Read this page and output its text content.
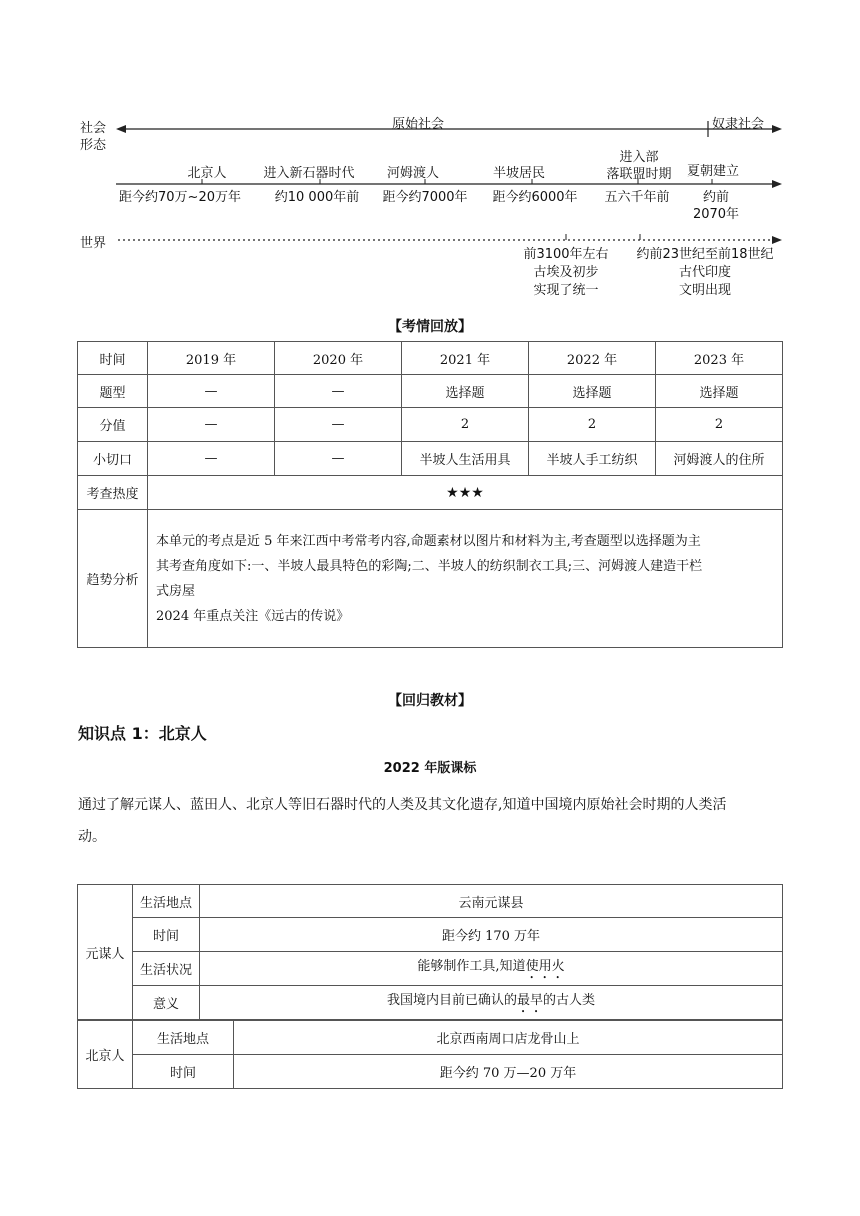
社会
形态
原始社会	奴隶社会
北京人
距今约70万~20万年
进入新石器时代
约10 000年前
河姆渡人
距今约7000年
半坡居民
距今约6000年
进入部
落联盟时期
五六千年前
夏朝建立
约前
2070年
世界
前3100年左右
古埃及初步
实现了统一
约前23世纪至前18世纪
古代印度
文明出现
【考情回放】
时间	2019 年	2020 年	2021 年	2022 年	2023 年
题型	—	—	选择题	选择题	选择题
分值	—	—	2	2	2
小切口	—	—	半坡人生活用具	半坡人手工纺织	河姆渡人的住所
考查热度	★★★				
趋势分析	本单元的考点是近 5 年来江西中考常考内容,命题素材以图片和材料为主,考查题型以选择题为主
其考查角度如下:一、半坡人最具特色的彩陶;二、半坡人的纺织制衣工具;三、河姆渡人建造干栏
式房屋
2024 年重点关注《远古的传说》				
【回归教材】
知识点 1：北京人
2022 年版课标
通过了解元谋人、蓝田人、北京人等旧石器时代的人类及其文化遗存,知道中国境内原始社会时期的人类活
动。
元谋人	生活地点	云南元谋县
	时间	距今约 170 万年
	生活状况	能够制作工具,知道使用火
	意义	我国境内目前已确认的最早的古人类
北京人	生活地点	北京西南周口店龙骨山上
	时间	距今约 70 万—20 万年
